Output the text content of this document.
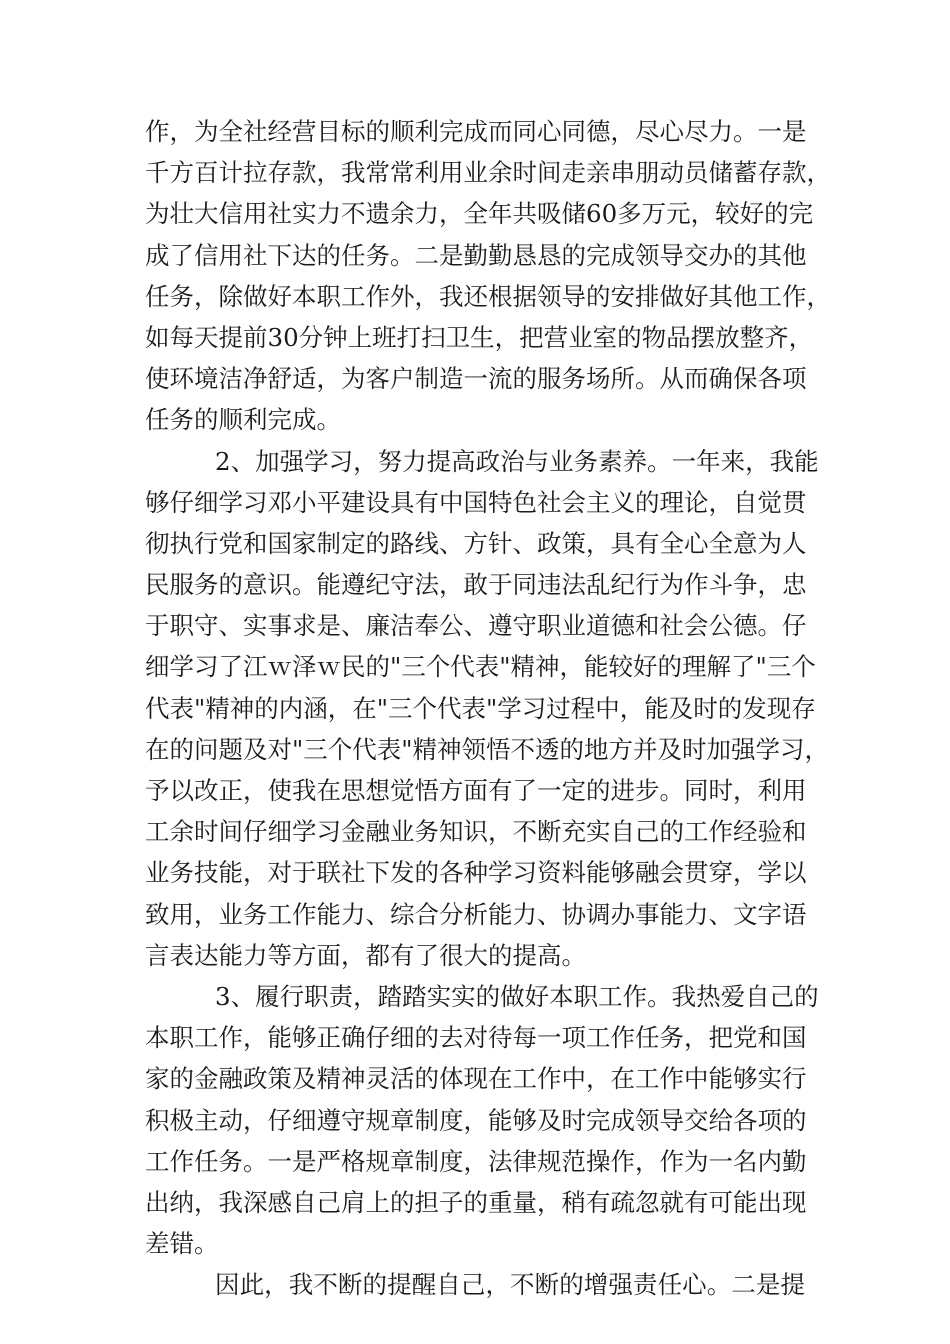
作，为全社经营目标的顺利完成而同心同德，尽心尽力。一是
千方百计拉存款，我常常利用业余时间走亲串朋动员储蓄存款，
为壮大信用社实力不遗余力，全年共吸储60多万元，较好的完
成了信用社下达的任务。二是勤勤恳恳的完成领导交办的其他
任务，除做好本职工作外，我还根据领导的安排做好其他工作，
如每天提前30分钟上班打扫卫生，把营业室的物品摆放整齐，
使环境洁净舒适，为客户制造一流的服务场所。从而确保各项
任务的顺利完成。
2、加强学习，努力提高政治与业务素养。一年来，我能
够仔细学习邓小平建设具有中国特色社会主义的理论，自觉贯
彻执行党和国家制定的路线、方针、政策，具有全心全意为人
民服务的意识。能遵纪守法，敢于同违法乱纪行为作斗争，忠
于职守、实事求是、廉洁奉公、遵守职业道德和社会公德。仔
细学习了江ｗ泽ｗ民的"三个代表"精神，能较好的理解了"三个
代表"精神的内涵，在"三个代表"学习过程中，能及时的发现存
在的问题及对"三个代表"精神领悟不透的地方并及时加强学习，
予以改正，使我在思想觉悟方面有了一定的进步。同时，利用
工余时间仔细学习金融业务知识，不断充实自己的工作经验和
业务技能，对于联社下发的各种学习资料能够融会贯穿，学以
致用，业务工作能力、综合分析能力、协调办事能力、文字语
言表达能力等方面，都有了很大的提高。
3、履行职责，踏踏实实的做好本职工作。我热爱自己的
本职工作，能够正确仔细的去对待每一项工作任务，把党和国
家的金融政策及精神灵活的体现在工作中，在工作中能够实行
积极主动，仔细遵守规章制度，能够及时完成领导交给各项的
工作任务。一是严格规章制度，法律规范操作，作为一名内勤
出纳，我深感自己肩上的担子的重量，稍有疏忽就有可能出现
差错。
因此，我不断的提醒自己，不断的增强责任心。二是提
